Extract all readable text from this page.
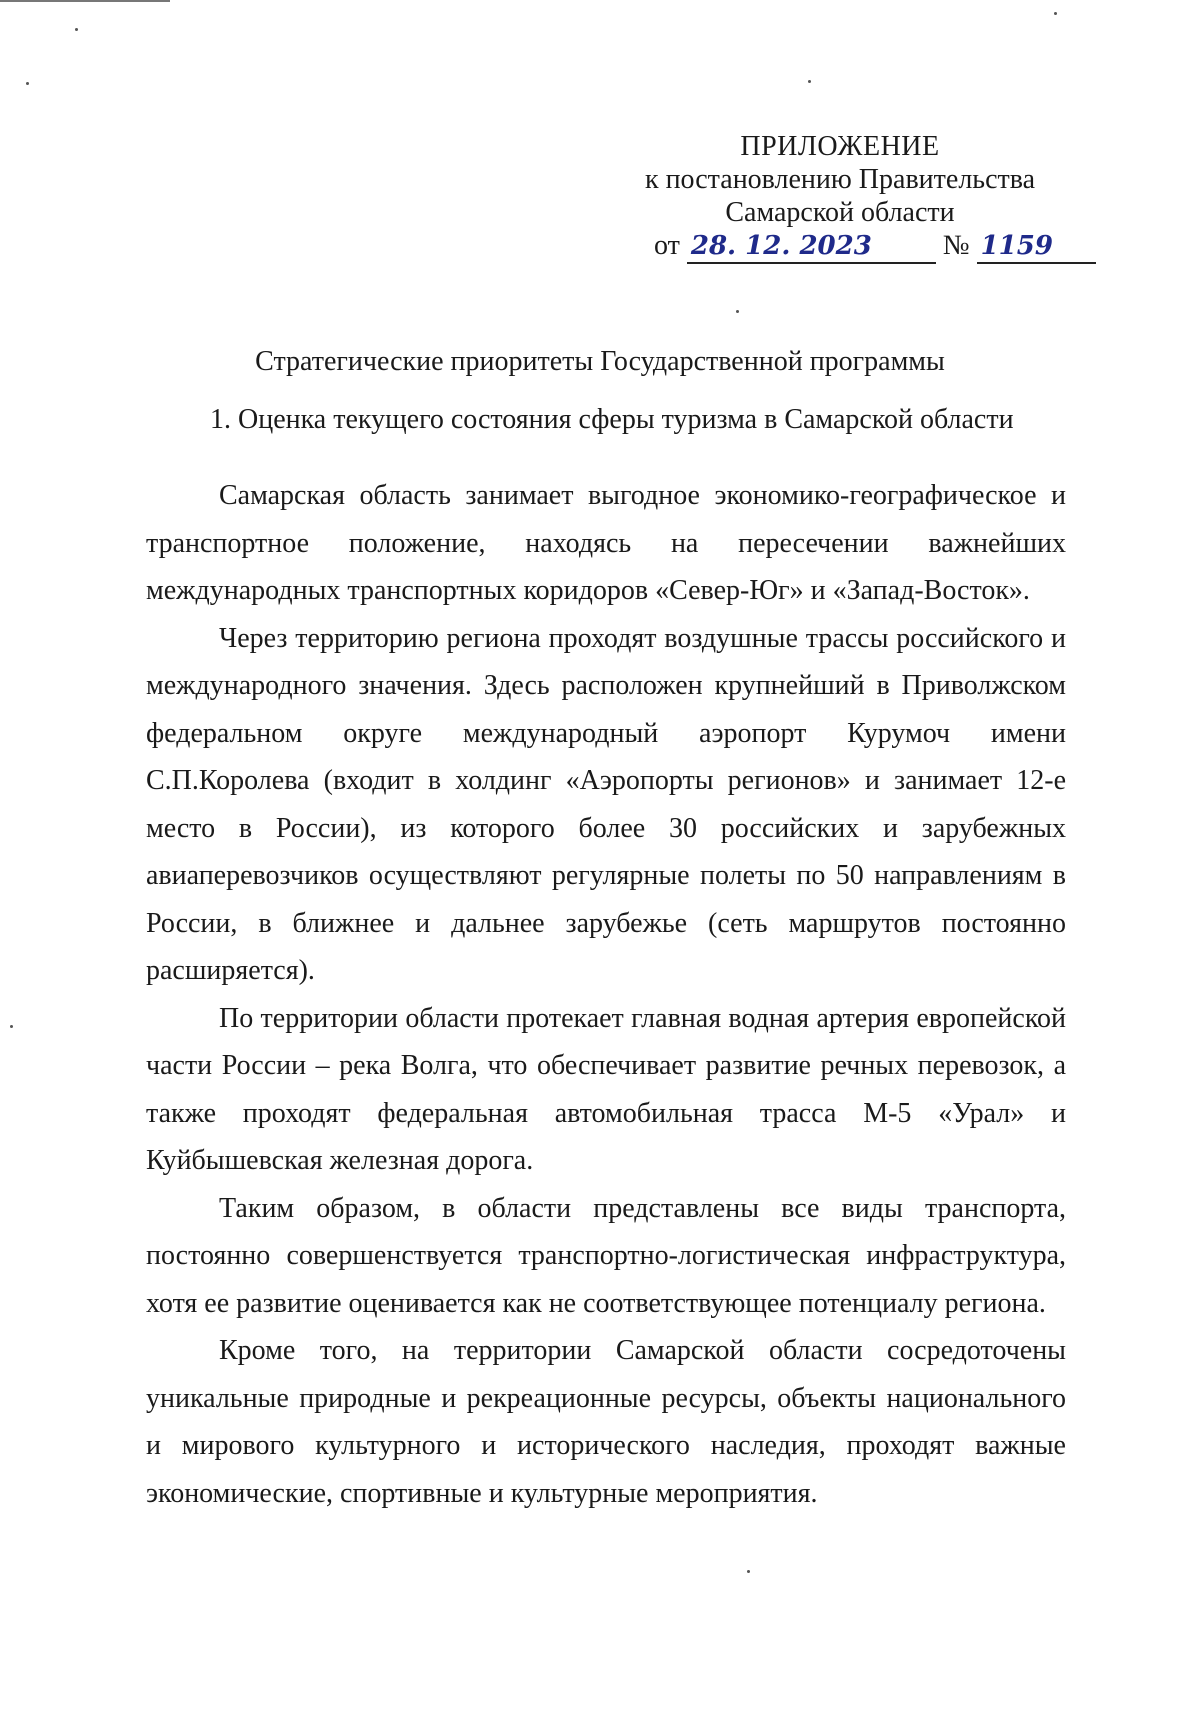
ПРИЛОЖЕНИЕ
к постановлению Правительства
Самарской области
от 28. 12. 2023	№ 1159
Стратегические приоритеты Государственной программы
1. Оценка текущего состояния сферы туризма в Самарской области

Самарская область занимает выгодное экономико-географическое и транспортное положение, находясь на пересечении важнейших международных транспортных коридоров «Север-Юг» и «Запад-Восток».

Через территорию региона проходят воздушные трассы российского и международного значения. Здесь расположен крупнейший в Приволжском федеральном округе международный аэропорт Курумоч имени С.П.Королева (входит в холдинг «Аэропорты регионов» и занимает 12-е место в России), из которого более 30 российских и зарубежных авиаперевозчиков осуществляют регулярные полеты по 50 направлениям в России, в ближнее и дальнее зарубежье (сеть маршрутов постоянно расширяется).

По территории области протекает главная водная артерия европейской части России – река Волга, что обеспечивает развитие речных перевозок, а также проходят федеральная автомобильная трасса М-5 «Урал» и Куйбышевская железная дорога.

Таким образом, в области представлены все виды транспорта, постоянно совершенствуется транспортно-логистическая инфраструктура, хотя ее развитие оценивается как не соответствующее потенциалу региона.

Кроме того, на территории Самарской области сосредоточены уникальные природные и рекреационные ресурсы, объекты национального и мирового культурного и исторического наследия, проходят важные экономические, спортивные и культурные мероприятия.
